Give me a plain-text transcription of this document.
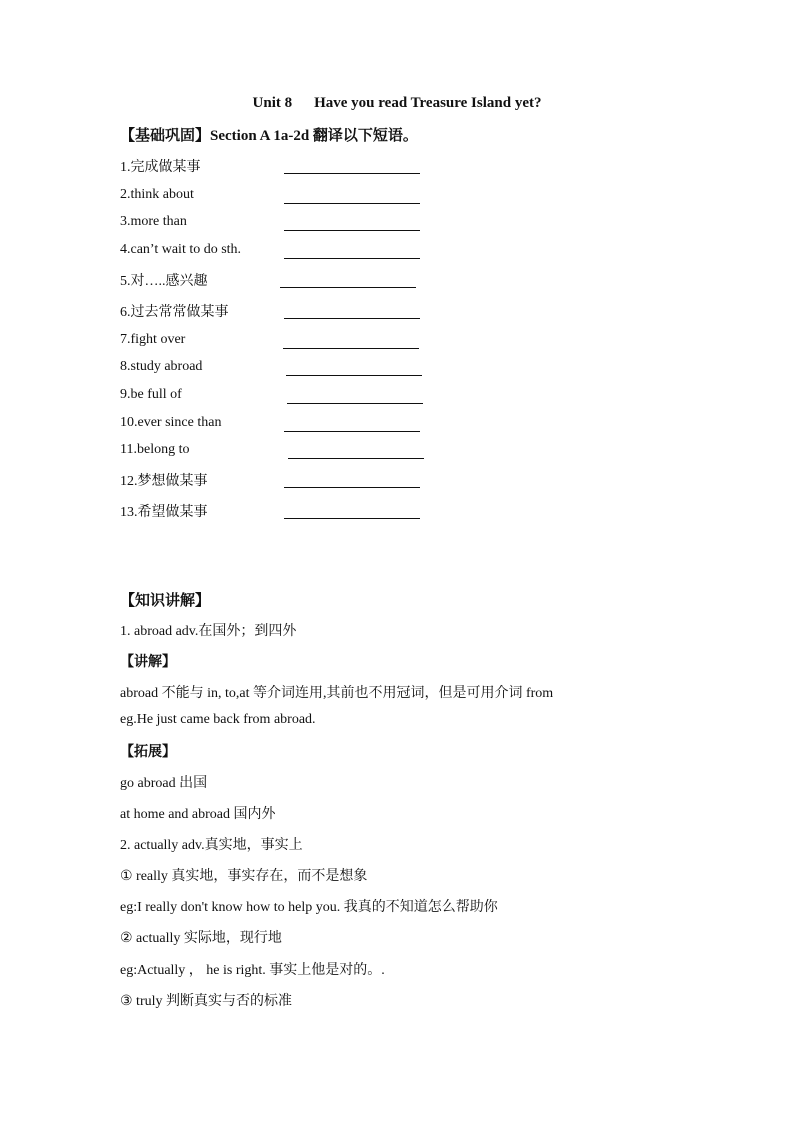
Unit 8 Have you read Treasure Island yet?
【基础巩固】Section A 1a-2d 翻译以下短语。
1.完成做某事
2.think about
3.more than
4.can’t wait to do sth.
5.对…..感兴趣
6.过去常常做某事
7.fight over
8.study abroad
9.be full of
10.ever since than
11.belong to
12.梦想做某事
13.希望做某事
【知识讲解】
1. abroad adv.在国外；到四外
【讲解】
abroad 不能与 in, to,at 等介词连用,其前也不用冠词，但是可用介词 from
eg.He just came back from abroad.
【拓展】
go abroad 出国
at home and abroad 国内外
2. actually adv.真实地，事实上
① really 真实地，事实存在，而不是想象
eg:I really don't know how to help you. 我真的不知道怎么帮助你
② actually 实际地，现行地
eg:Actually ， he is right. 事实上他是对的。.
③ truly 判断真实与否的标准
